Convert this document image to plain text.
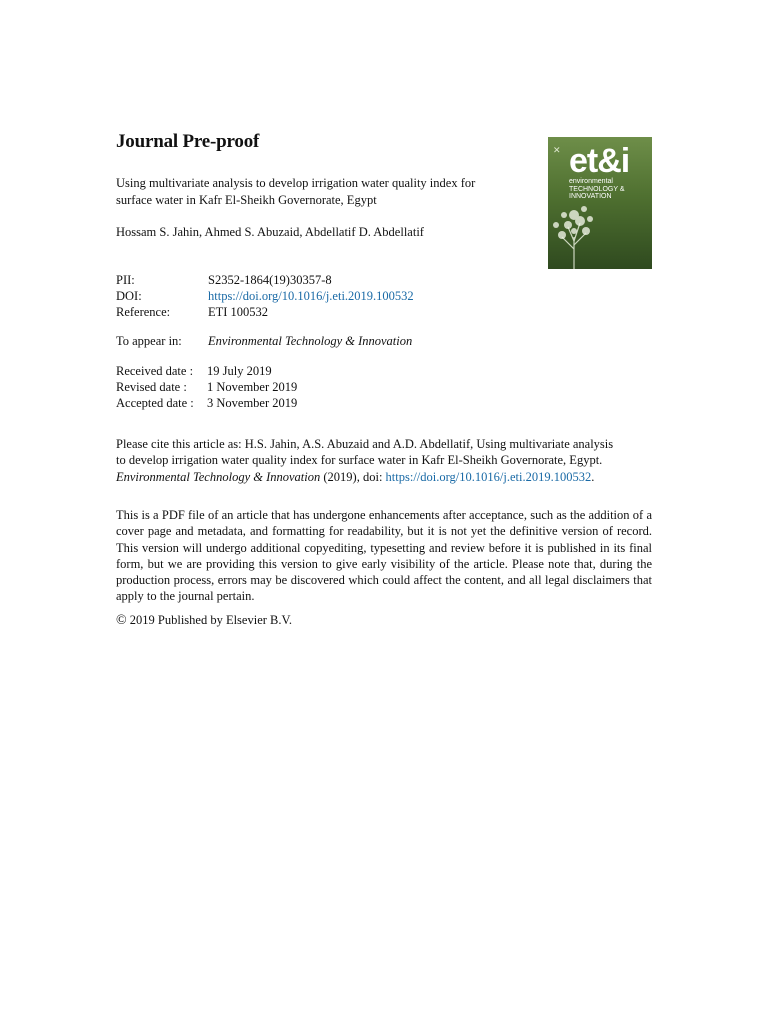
Journal Pre-proof	✕ et&i
environmental
TECHNOLOGY &
INNOVATION
Using multivariate analysis to develop irrigation water quality index for
surface water in Kafr El-Sheikh Governorate, Egypt
Hossam S. Jahin, Ahmed S. Abuzaid, Abdellatif D. Abdellatif
PII:	S2352-1864(19)30357-8
DOI:	https://doi.org/10.1016/j.eti.2019.100532
Reference:	ETI 100532
To appear in: Environmental Technology & Innovation
Received date : 19 July 2019
Revised date : 1 November 2019
Accepted date : 3 November 2019
Please cite this article as: H.S. Jahin, A.S. Abuzaid and A.D. Abdellatif, Using multivariate analysis
to develop irrigation water quality index for surface water in Kafr El-Sheikh Governorate, Egypt.
Environmental Technology & Innovation (2019), doi: https://doi.org/10.1016/j.eti.2019.100532.
This is a PDF file of an article that has undergone enhancements after acceptance, such as the addition of a cover page and metadata, and formatting for readability, but it is not yet the definitive version of record. This version will undergo additional copyediting, typesetting and review before it is published in its final form, but we are providing this version to give early visibility of the article. Please note that, during the production process, errors may be discovered which could affect the content, and all legal disclaimers that apply to the journal pertain.
© 2019 Published by Elsevier B.V.
